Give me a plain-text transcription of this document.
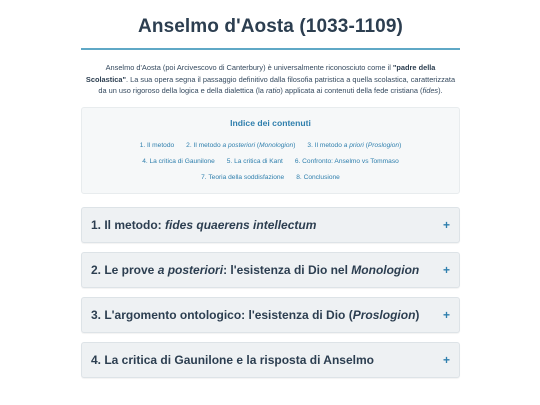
Anselmo d'Aosta (1033-1109)

Anselmo d'Aosta (poi Arcivescovo di Canterbury) è universalmente riconosciuto come il "padre della Scolastica". La sua opera segna il passaggio definitivo dalla filosofia patristica a quella scolastica, caratterizzata da un uso rigoroso della logica e della dialettica (la ratio) applicata ai contenuti della fede cristiana (fides).

Indice dei contenuti
1. Il metodo 2. Il metodo a posteriori (Monologion) 3. Il metodo a priori (Proslogion)
4. La critica di Gaunilone 5. La critica di Kant 6. Confronto: Anselmo vs Tommaso
7. Teoria della soddisfazione 8. Conclusione
1. Il metodo: fides quaerens intellectum	+
2. Le prove a posteriori: l'esistenza di Dio nel Monologion +
3. L'argomento ontologico: l'esistenza di Dio (Proslogion) +
4. La critica di Gaunilone e la risposta di Anselmo	+
